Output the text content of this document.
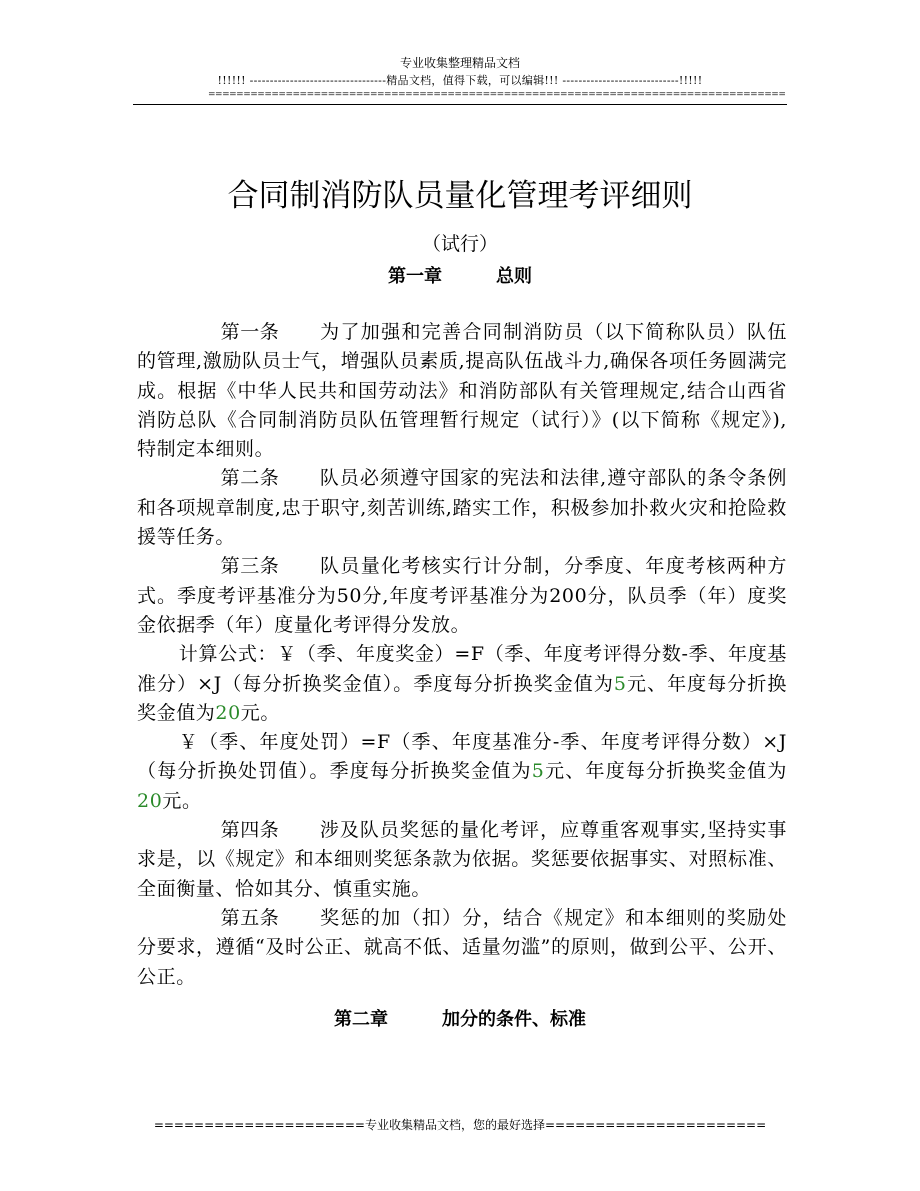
专业收集整理精品文档
!!!!!! ----------------------------------精品文档，值得下载，可以编辑!!! -----------------------------!!!!!
==================================================================================
合同制消防队员量化管理考评细则
（试行）
第一章	总则

第一条 为了加强和完善合同制消防员（以下简称队员）队伍的管理,激励队员士气，增强队员素质,提高队伍战斗力,确保各项任务圆满完成。根据《中华人民共和国劳动法》和消防部队有关管理规定,结合山西省消防总队《合同制消防员队伍管理暂行规定（试行）》(以下简称《规定》),特制定本细则。

第二条 队员必须遵守国家的宪法和法律,遵守部队的条令条例和各项规章制度,忠于职守,刻苦训练,踏实工作，积极参加扑救火灾和抢险救援等任务。

第三条 队员量化考核实行计分制，分季度、年度考核两种方式。季度考评基准分为50分,年度考评基准分为200分，队员季（年）度奖金依据季（年）度量化考评得分发放。

计算公式：￥（季、年度奖金）=F（季、年度考评得分数-季、年度基准分）×J（每分折换奖金值）。季度每分折换奖金值为5元、年度每分折换奖金值为20元。

￥（季、年度处罚）=F（季、年度基准分-季、年度考评得分数）×J（每分折换处罚值）。季度每分折换奖金值为5元、年度每分折换奖金值为20元。

第四条 涉及队员奖惩的量化考评，应尊重客观事实,坚持实事求是，以《规定》和本细则奖惩条款为依据。奖惩要依据事实、对照标准、全面衡量、恰如其分、慎重实施。

第五条 奖惩的加（扣）分，结合《规定》和本细则的奖励处分要求，遵循“及时公正、就高不低、适量勿滥”的原则，做到公平、公开、公正。

第二章	加分的条件、标准
=====================专业收集精品文档，您的最好选择======================
